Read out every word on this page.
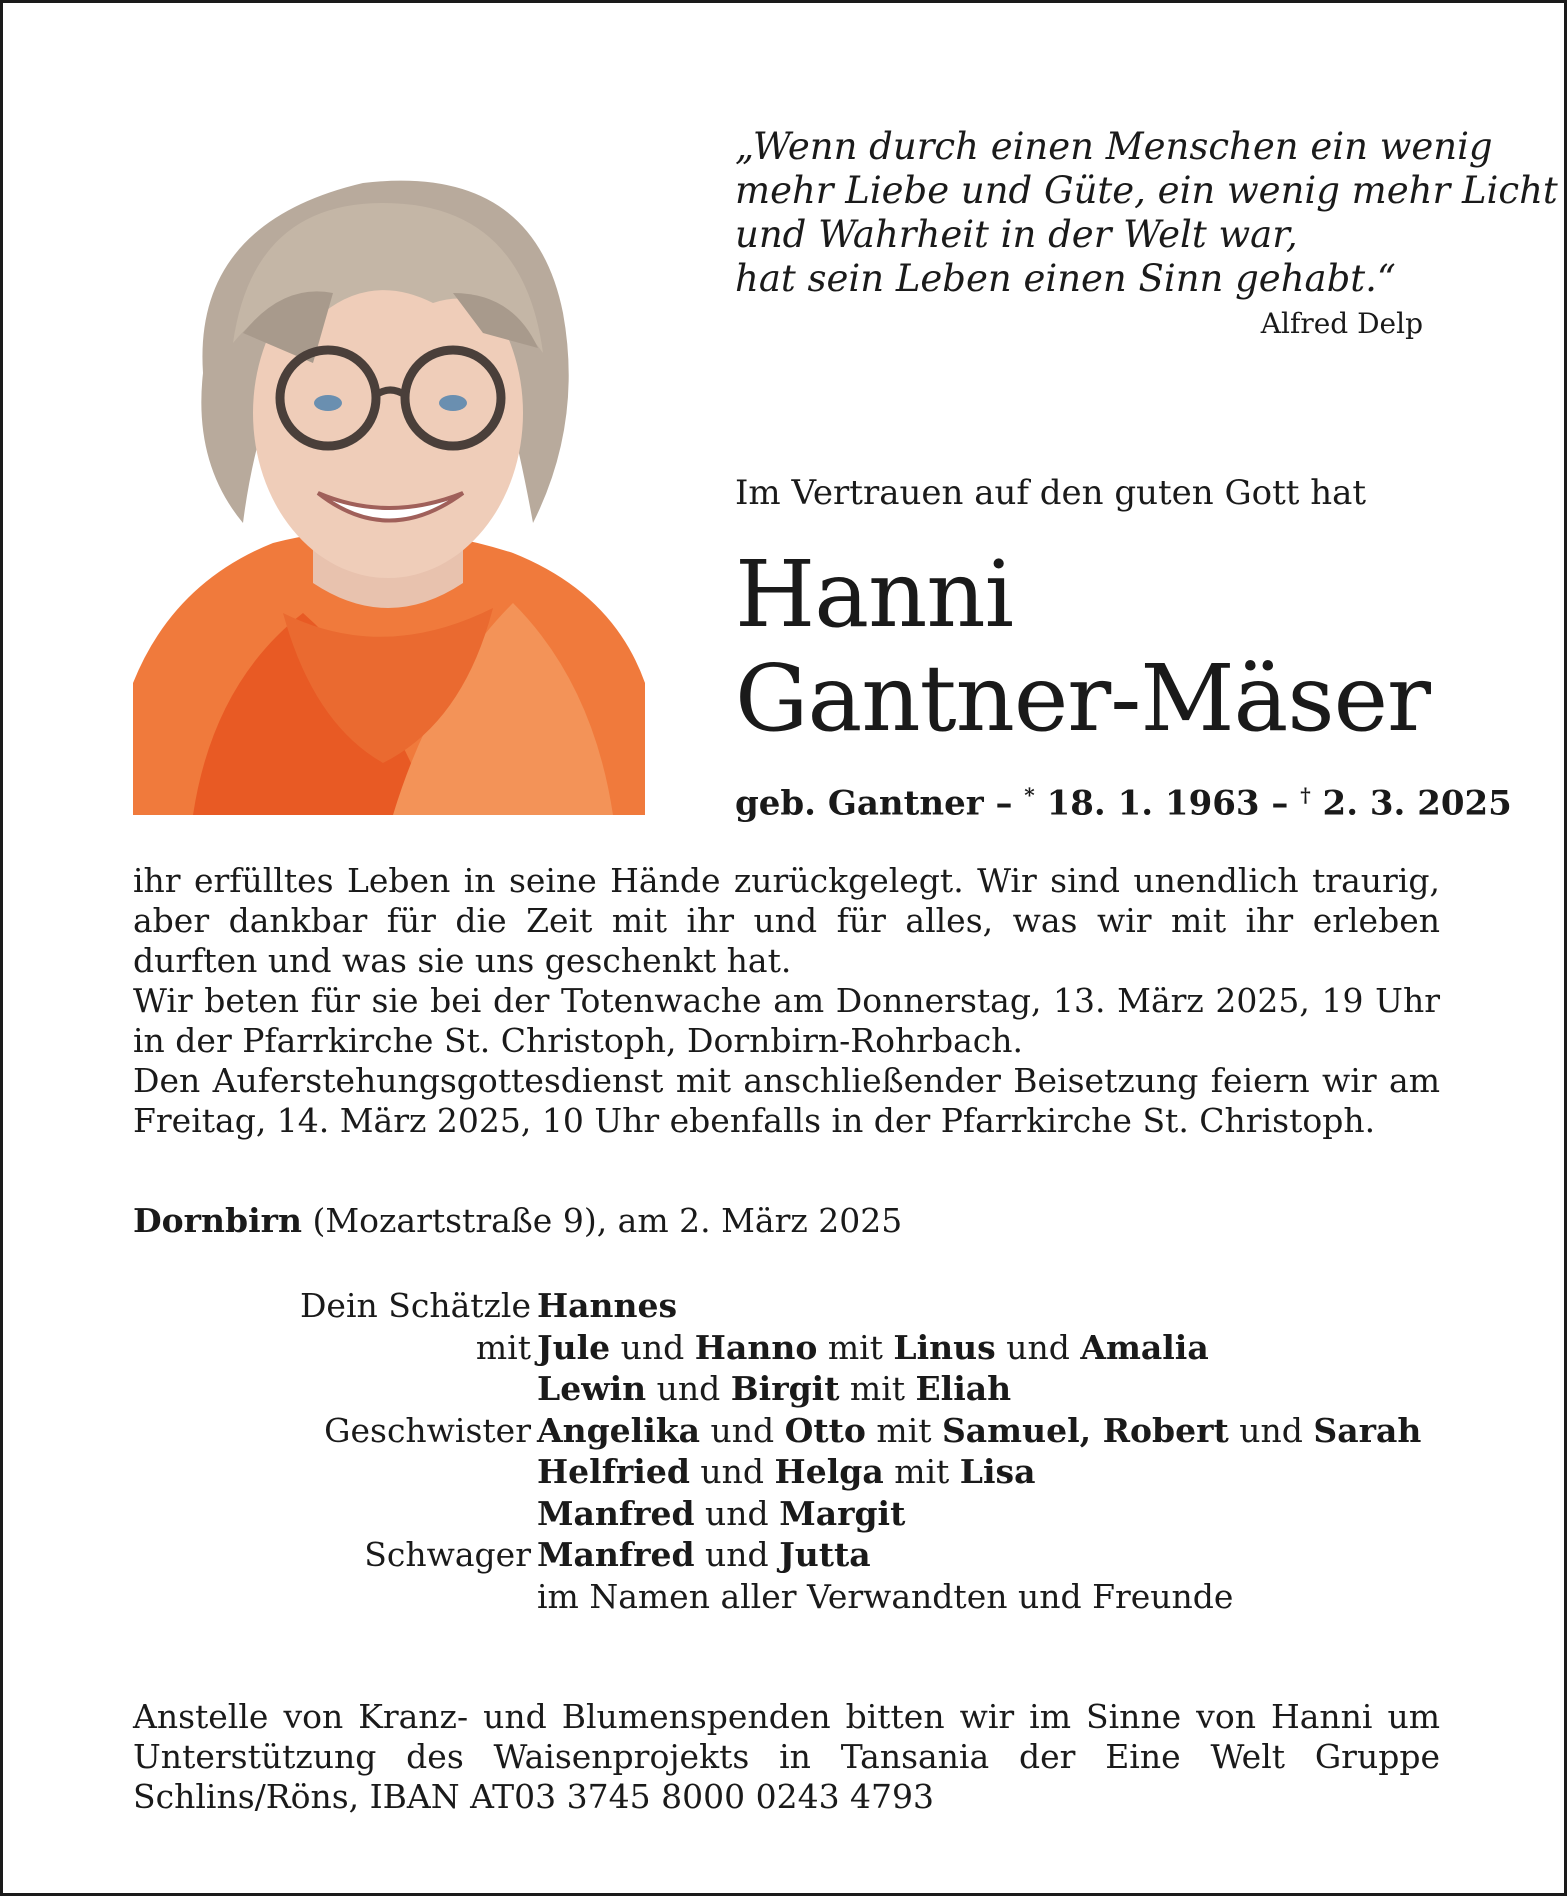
„Wenn durch einen Menschen ein wenig
mehr Liebe und Güte, ein wenig mehr Licht
und Wahrheit in der Welt war,
hat sein Leben einen Sinn gehabt.“
Alfred Delp
Im Vertrauen auf den guten Gott hat
Hanni
Gantner-Mäser
geb. Gantner – * 18. 1. 1963 – † 2. 3. 2025

ihr erfülltes Leben in seine Hände zurückgelegt. Wir sind unendlich traurig, aber dankbar für die Zeit mit ihr und für alles, was wir mit ihr erleben durften und was sie uns geschenkt hat.

Wir beten für sie bei der Totenwache am Donnerstag, 13. März 2025, 19 Uhr in der Pfarrkirche St. Christoph, Dornbirn-Rohrbach.

Den Auferstehungsgottesdienst mit anschließender Beisetzung feiern wir am Freitag, 14. März 2025, 10 Uhr ebenfalls in der Pfarrkirche St. Christoph.

Dornbirn (Mozartstraße 9), am 2. März 2025
Dein Schätzle Hannes
mit Jule und Hanno mit Linus und Amalia
Lewin und Birgit mit Eliah
Geschwister Angelika und Otto mit Samuel, Robert und Sarah
Helfried und Helga mit Lisa
Manfred und Margit
Schwager Manfred und Jutta
im Namen aller Verwandten und Freunde
Anstelle von Kranz- und Blumenspenden bitten wir im Sinne von Hanni um Unterstützung des Waisenprojekts in Tansania der Eine Welt Gruppe Schlins/Röns, IBAN AT03 3745 8000 0243 4793
